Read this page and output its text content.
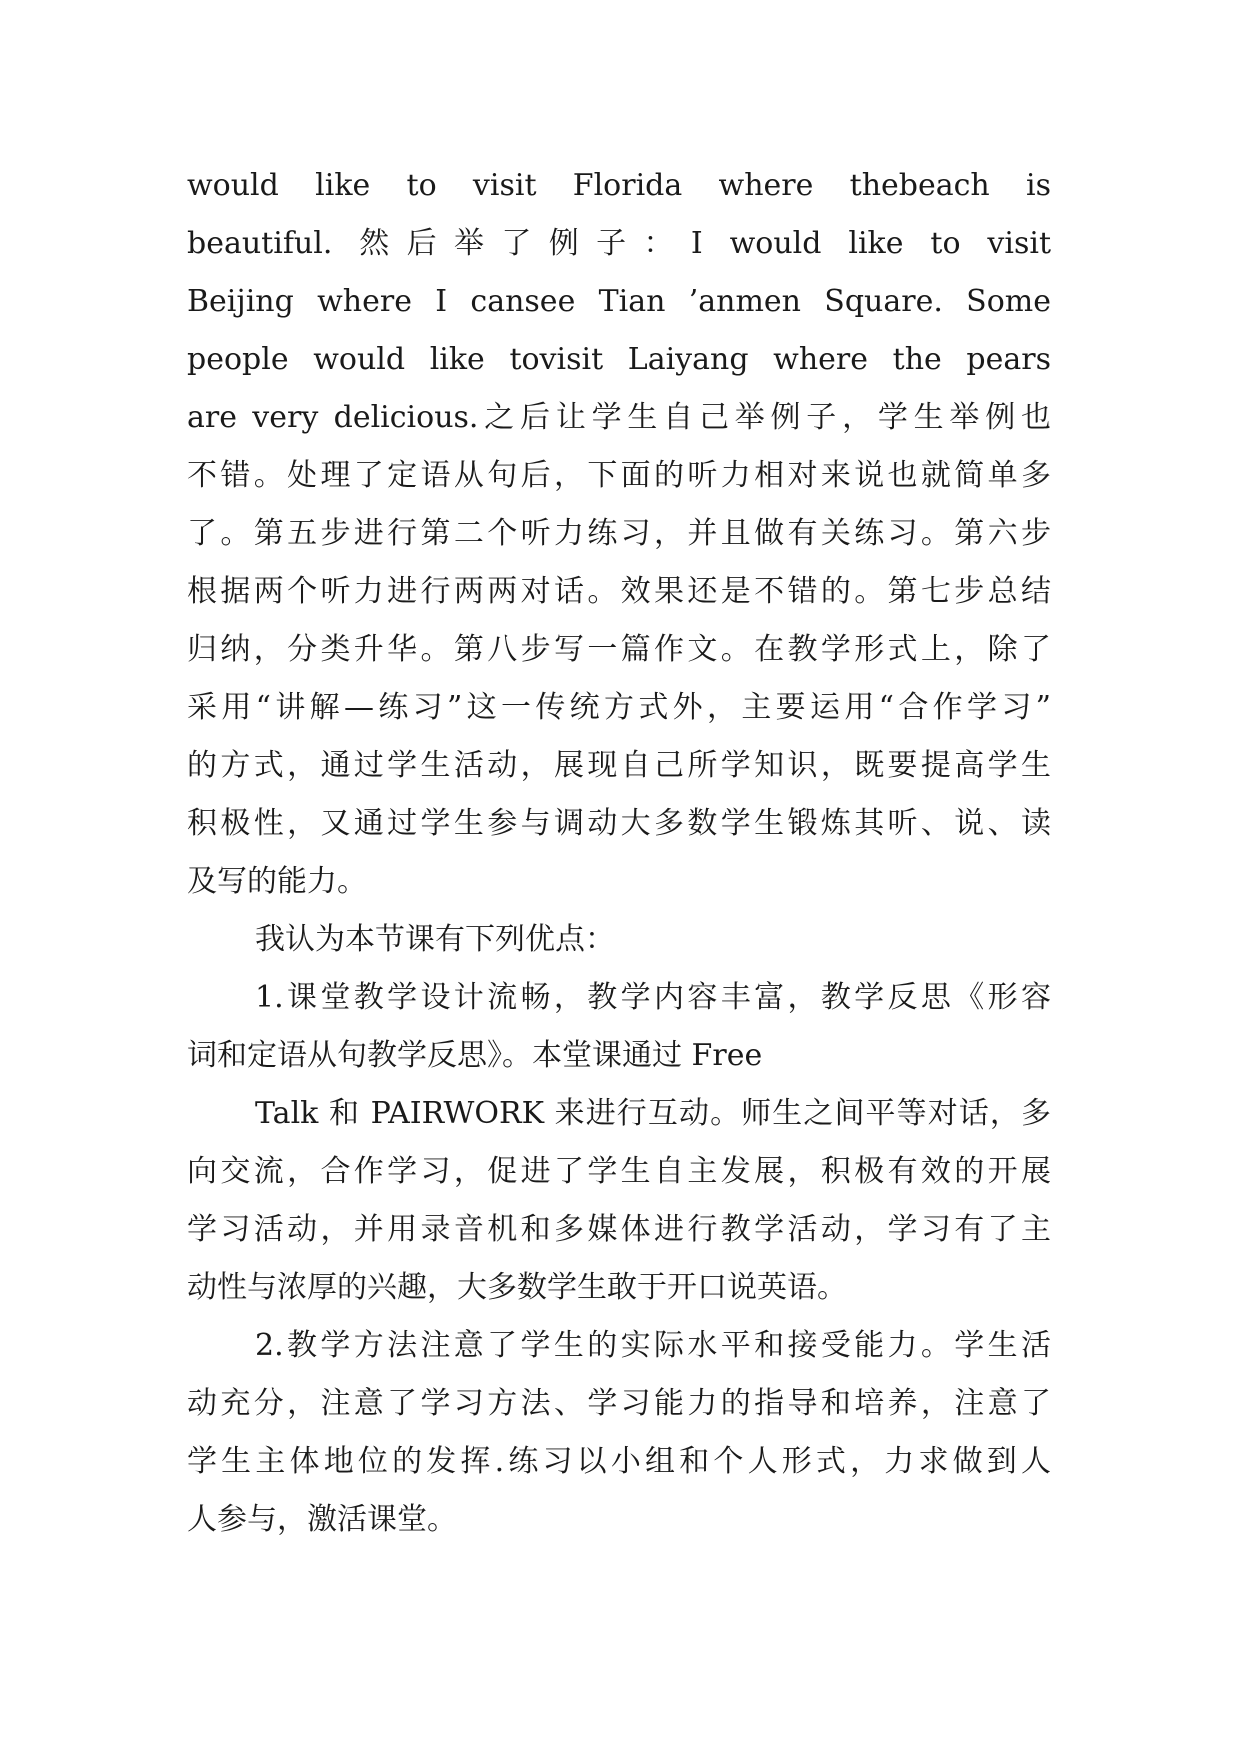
would like to visit Florida where thebeach is
beautiful. 然后举了例子：I would like to visit
Beijing where I cansee Tian ’anmen Square. Some
people would like tovisit Laiyang where the pears
are very delicious.之后让学生自己举例子，学生举例也
不错。处理了定语从句后，下面的听力相对来说也就简单多
了。第五步进行第二个听力练习，并且做有关练习。第六步
根据两个听力进行两两对话。效果还是不错的。第七步总结
归纳，分类升华。第八步写一篇作文。在教学形式上，除了
采用“讲解—练习”这一传统方式外，主要运用“合作学习”
的方式，通过学生活动，展现自己所学知识，既要提高学生
积极性，又通过学生参与调动大多数学生锻炼其听、说、读
及写的能力。
我认为本节课有下列优点：
1.课堂教学设计流畅，教学内容丰富，教学反思《形容
词和定语从句教学反思》。本堂课通过 Free
Talk 和 PAIRWORK 来进行互动。师生之间平等对话，多
向交流，合作学习，促进了学生自主发展，积极有效的开展
学习活动，并用录音机和多媒体进行教学活动，学习有了主
动性与浓厚的兴趣，大多数学生敢于开口说英语。
2.教学方法注意了学生的实际水平和接受能力。学生活
动充分，注意了学习方法、学习能力的指导和培养，注意了
学生主体地位的发挥.练习以小组和个人形式，力求做到人
人参与，激活课堂。
